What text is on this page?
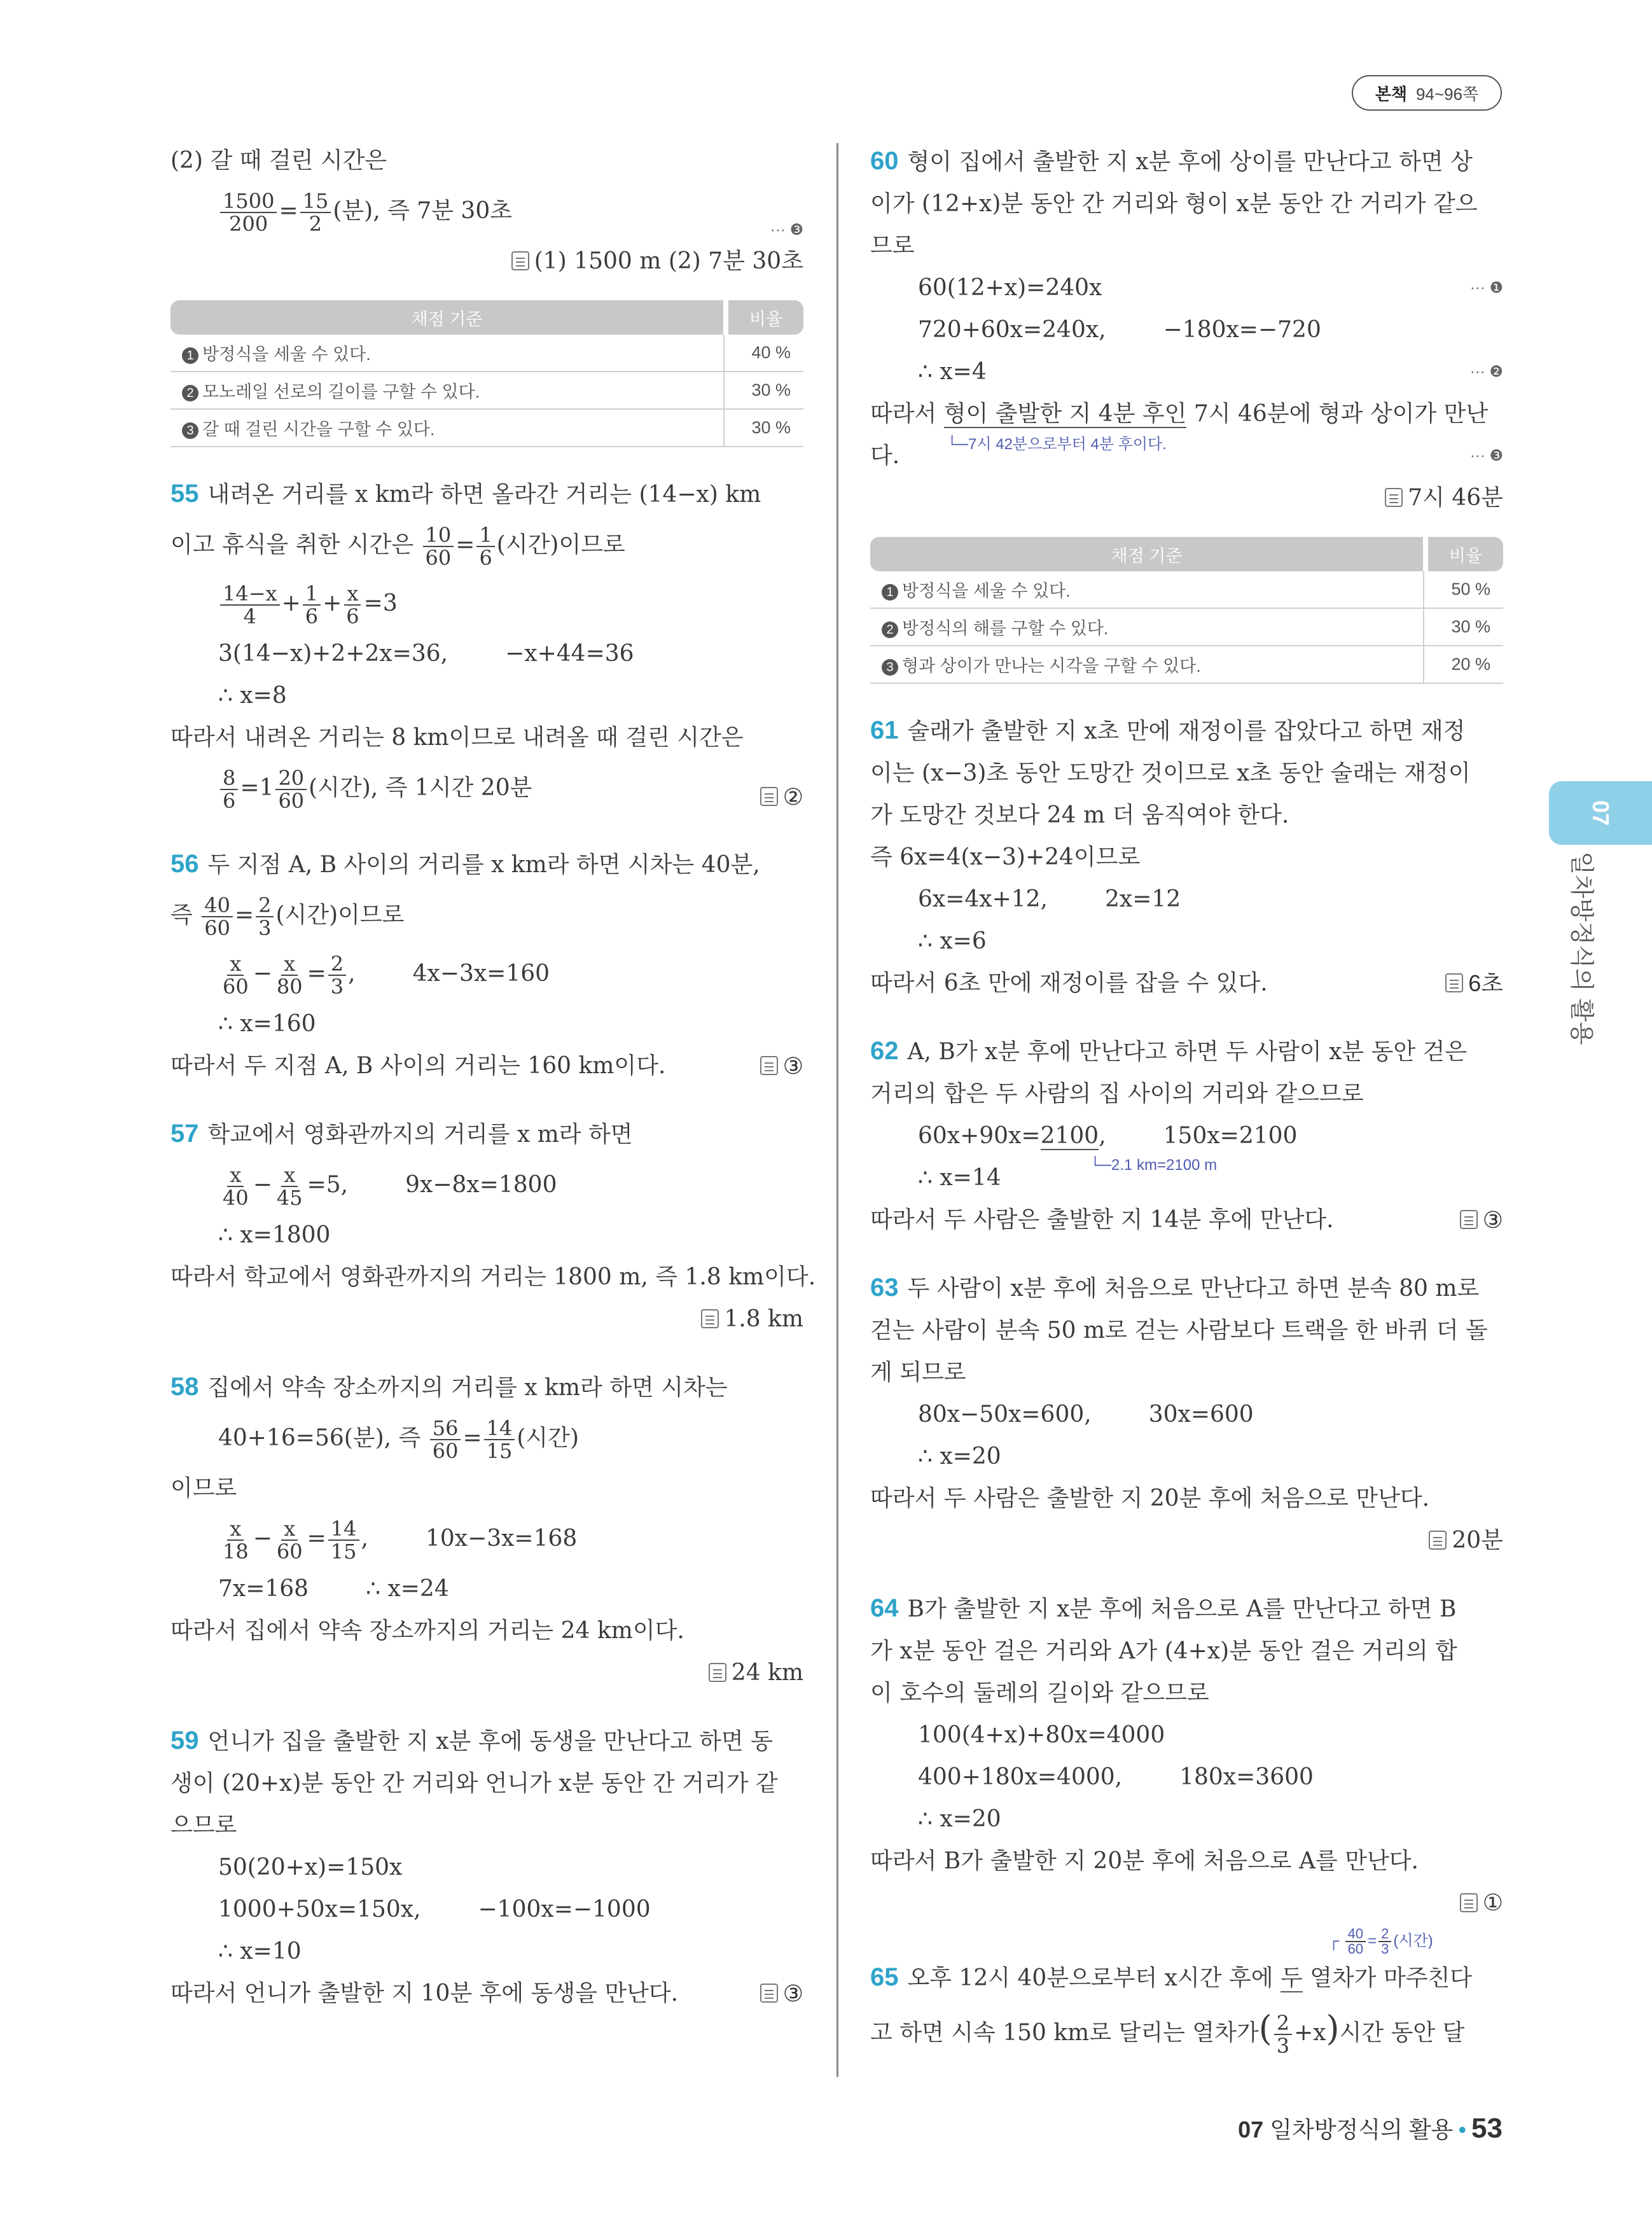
본책 94~96쪽
(2) 갈 때 걸린 시간은
$\frac{1500}{200} = \frac{15}{2}$ (분), 즉 7분 30초
··· ❸
(1) 1500 m (2) 7분 30초
채점 기준	비율
1 방정식을 세울 수 있다.	40 %
2 모노레일 선로의 길이를 구할 수 있다.	30 %
3 갈 때 걸린 시간을 구할 수 있다.	30 %
55 내려온 거리를 x km라 하면 올라간 거리는 (14−x) km
이고 휴식을 취한 시간은 $\frac{10}{60} = \frac{1}{6}$ (시간)이므로
$\frac{14-x}{4} + \frac{1}{6} + \frac{x}{6} =3$
3(14−x)+2+2x=36,	−x+44=36
∴ x=8
따라서 내려온 거리는 8 km이므로 내려올 때 걸린 시간은
$\frac{8}{6} =1 \frac{20}{60}$ (시간), 즉 1시간 20분	②
56 두 지점 A, B 사이의 거리를 x km라 하면 시차는 40분,
즉 $\frac{40}{60} = \frac{2}{3}$ (시간)이므로
$\frac{x}{60} - \frac{x}{80} = \frac{2}{3}$ ,	4x−3x=160
∴ x=160
따라서 두 지점 A, B 사이의 거리는 160 km이다.	③
57 학교에서 영화관까지의 거리를 x m라 하면
$\frac{x}{40} - \frac{x}{45} =5$,	9x−8x=1800
∴ x=1800
따라서 학교에서 영화관까지의 거리는 1800 m, 즉 1.8 km이다.
1.8 km
58 집에서 약속 장소까지의 거리를 x km라 하면 시차는
40+16=56(분), 즉 $\frac{56}{60} = \frac{14}{15}$ (시간)
이므로
$\frac{x}{18} - \frac{x}{60} = \frac{14}{15}$ ,	10x−3x=168
7x=168	∴ x=24
따라서 집에서 약속 장소까지의 거리는 24 km이다.
24 km
59 언니가 집을 출발한 지 x분 후에 동생을 만난다고 하면 동
생이 (20+x)분 동안 간 거리와 언니가 x분 동안 간 거리가 같
으므로
50(20+x)=150x
1000+50x=150x,	−100x=−1000
∴ x=10
따라서 언니가 출발한 지 10분 후에 동생을 만난다.	③
60 형이 집에서 출발한 지 x분 후에 상이를 만난다고 하면 상
이가 (12+x)분 동안 간 거리와 형이 x분 동안 간 거리가 같으
므로
60(12+x)=240x	··· ❶
720+60x=240x,	−180x=−720
∴ x=4	··· ❷
따라서 형이 출발한 지 4분 후인 7시 46분에 형과 상이가 만난
다.	└─7시 42분으로부터 4분 후이다.
··· ❸
7시 46분
채점 기준	비율
1 방정식을 세울 수 있다.	50 %
2 방정식의 해를 구할 수 있다.	30 %
3 형과 상이가 만나는 시각을 구할 수 있다.	20 %
61 술래가 출발한 지 x초 만에 재정이를 잡았다고 하면 재정
이는 (x−3)초 동안 도망간 것이므로 x초 동안 술래는 재정이
가 도망간 것보다 24 m 더 움직여야 한다.
즉 6x=4(x−3)+24이므로
6x=4x+12,	2x=12
∴ x=6
따라서 6초 만에 재정이를 잡을 수 있다.	6초
62 A, B가 x분 후에 만난다고 하면 두 사람이 x분 동안 걷은
거리의 합은 두 사람의 집 사이의 거리와 같으므로
60x+90x=2100,	150x=2100
∴ x=14	└─2.1 km=2100 m
따라서 두 사람은 출발한 지 14분 후에 만난다.	③
63 두 사람이 x분 후에 처음으로 만난다고 하면 분속 80 m로
걷는 사람이 분속 50 m로 걷는 사람보다 트랙을 한 바퀴 더 돌
게 되므로
80x−50x=600,	30x=600
∴ x=20
따라서 두 사람은 출발한 지 20분 후에 처음으로 만난다.
20분
64 B가 출발한 지 x분 후에 처음으로 A를 만난다고 하면 B
가 x분 동안 걸은 거리와 A가 (4+x)분 동안 걸은 거리의 합
이 호수의 둘레의 길이와 같으므로
100(4+x)+80x=4000
400+180x=4000,	180x=3600
∴ x=20
따라서 B가 출발한 지 20분 후에 처음으로 A를 만난다.
①
┌ $\frac{40}{60} = \frac{2}{3}$ (시간)
65 오후 12시 40분으로부터 x시간 후에 두 열차가 마주친다
고 하면 시속 150 km로 달리는 열차가( $\frac{2}{3} +x$)시간 동안 달
07
일차방정식의 활용
07 일차방정식의 활용 • 53
